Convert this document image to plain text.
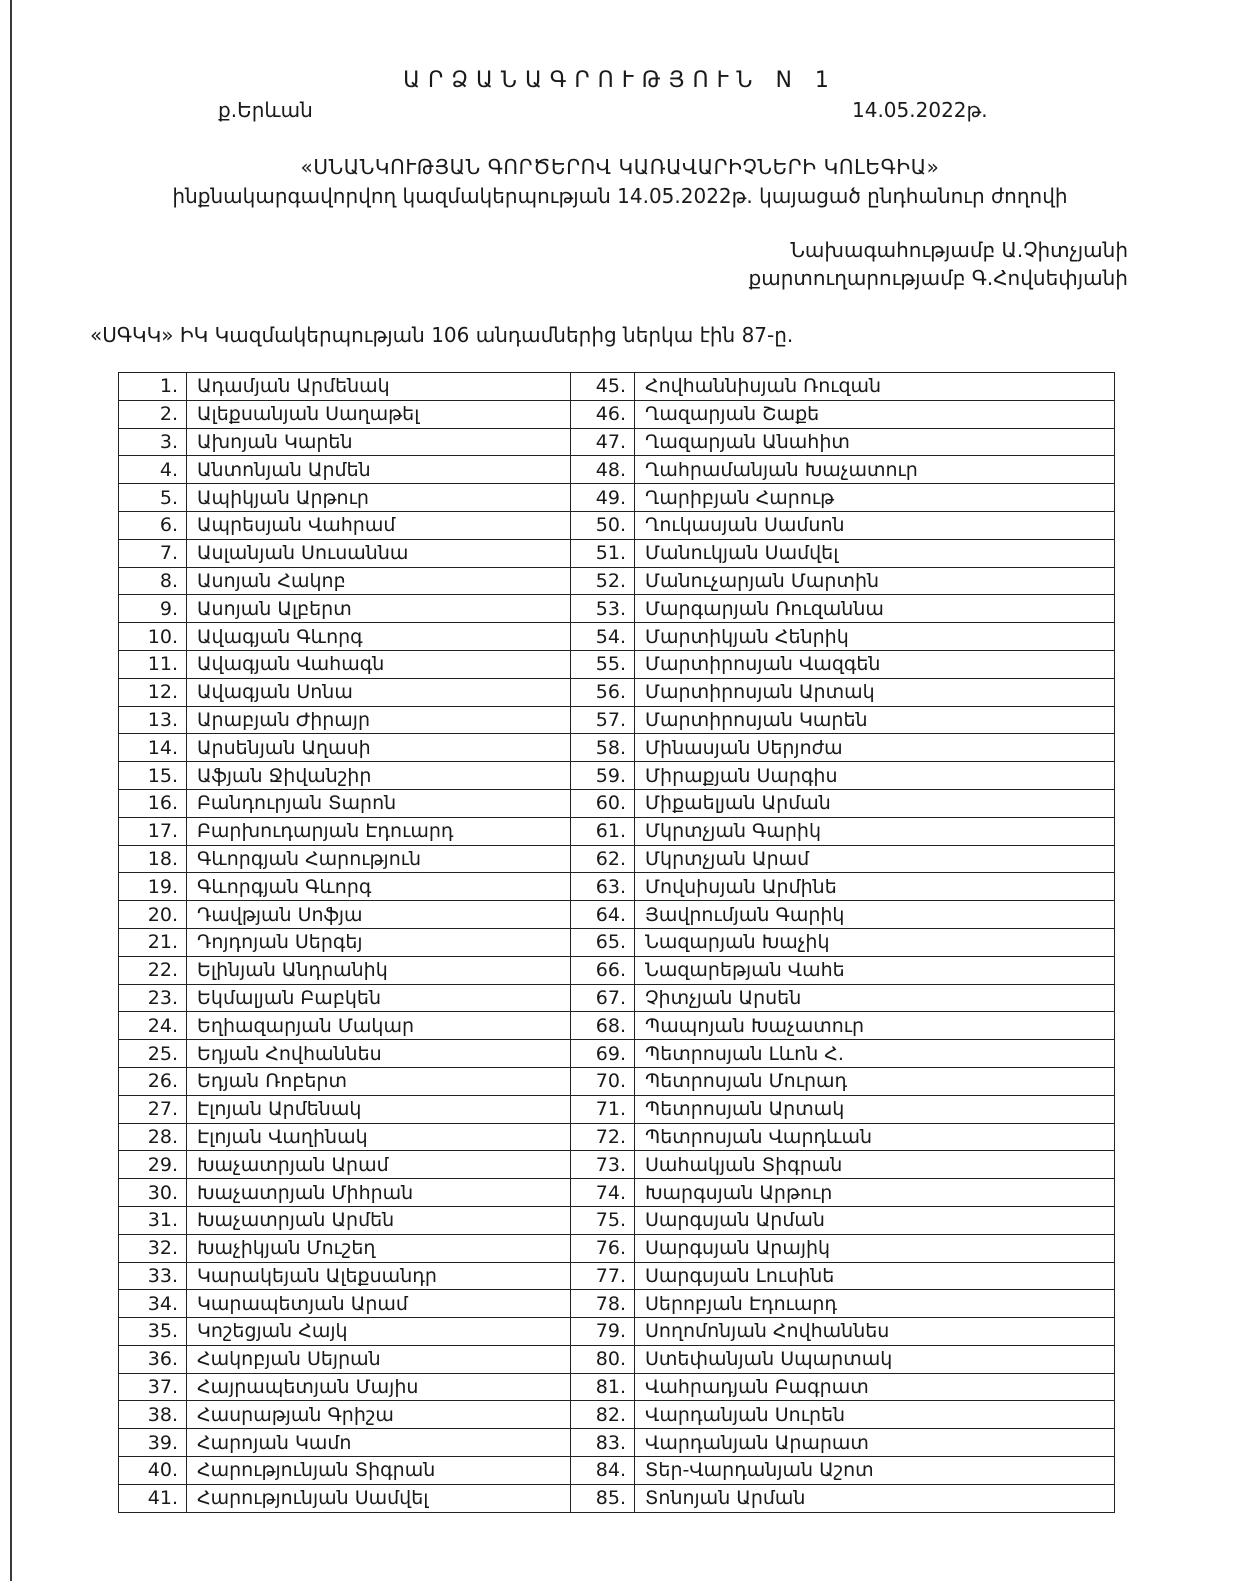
ԱՐՁԱՆԱԳՐՈՒԹՅՈՒՆ N 1
ք.Երևան	14.05.2022թ.
«ՍՆԱՆԿՈՒԹՅԱՆ ԳՈՐԾԵՐՈՎ ԿԱՌԱՎԱՐԻՉՆԵՐԻ ԿՈԼԵԳԻԱ»
ինքնակարգավորվող կազմակերպության 14.05.2022թ. կայացած ընդհանուր ժողովի
Նախագահությամբ Ա.Չիտչյանի
քարտուղարությամբ Գ.Հովսեփյանի
«ՍԳԿԿ» ԻԿ Կազմակերպության 106 անդամներից ներկա էին 87-ը.
1.	Ադամյան Արմենակ	45.	Հովհաննիսյան Ռուզան
2.	Ալեքսանյան Սաղաթել	46.	Ղազարյան Շաքե
3.	Ախոյան Կարեն	47.	Ղազարյան Անահիտ
4.	Անտոնյան Արմեն	48.	Ղահրամանյան Խաչատուր
5.	Ապիկյան Արթուր	49.	Ղարիբյան Հարութ
6.	Ապրեսյան Վահրամ	50.	Ղուկասյան Սամսոն
7.	Ասլանյան Սուսաննա	51.	Մանուկյան Սամվել
8.	Ասոյան Հակոբ	52.	Մանուչարյան Մարտին
9.	Ասոյան Ալբերտ	53.	Մարգարյան Ռուզաննա
10.	Ավագյան Գևորգ	54.	Մարտիկյան Հենրիկ
11.	Ավագյան Վահագն	55.	Մարտիրոսյան Վազգեն
12.	Ավագյան Սոնա	56.	Մարտիրոսյան Արտակ
13.	Արաբյան Ժիրայր	57.	Մարտիրոսյան Կարեն
14.	Արսենյան Աղասի	58.	Մինասյան Սերյոժա
15.	Աֆյան Ջիվանշիր	59.	Միրաքյան Սարգիս
16.	Բանդուրյան Տարոն	60.	Միքաելյան Արման
17.	Բարխուդարյան Էդուարդ	61.	Մկրտչյան Գարիկ
18.	Գևորգյան Հարություն	62.	Մկրտչյան Արամ
19.	Գևորգյան Գևորգ	63.	Մովսիսյան Արմինե
20.	Դավթյան Սոֆյա	64.	Յավրումյան Գարիկ
21.	Դոյդոյան Սերգեյ	65.	Նազարյան Խաչիկ
22.	Ելինյան Անդրանիկ	66.	Նազարեթյան Վահե
23.	Եկմալյան Բաբկեն	67.	Չիտչյան Արսեն
24.	Եղիազարյան Մակար	68.	Պապոյան Խաչատուր
25.	Եդյան Հովհաննես	69.	Պետրոսյան Լևոն Հ.
26.	Եդյան Ռոբերտ	70.	Պետրոսյան Մուրադ
27.	Էլոյան Արմենակ	71.	Պետրոսյան Արտակ
28.	Էլոյան Վաղինակ	72.	Պետրոսյան Վարդևան
29.	Խաչատրյան Արամ	73.	Սահակյան Տիգրան
30.	Խաչատրյան Միհրան	74.	Խարգսյան Արթուր
31.	Խաչատրյան Արմեն	75.	Սարգսյան Արման
32.	Խաչիկյան Մուշեղ	76.	Սարգսյան Արայիկ
33.	Կարակեյան Ալեքսանդր	77.	Սարգսյան Լուսինե
34.	Կարապետյան Արամ	78.	Սերոբյան Էդուարդ
35.	Կոշեցյան Հայկ	79.	Սողոմոնյան Հովհաննես
36.	Հակոբյան Սեյրան	80.	Ստեփանյան Սպարտակ
37.	Հայրապետյան Մայիս	81.	Վահրադյան Բագրատ
38.	Հասրաթյան Գրիշա	82.	Վարդանյան Սուրեն
39.	Հարոյան Կամո	83.	Վարդանյան Արարատ
40.	Հարությունյան Տիգրան	84.	Տեր-Վարդանյան Աշոտ
41.	Հարությունյան Սամվել	85.	Տոնոյան Արման
